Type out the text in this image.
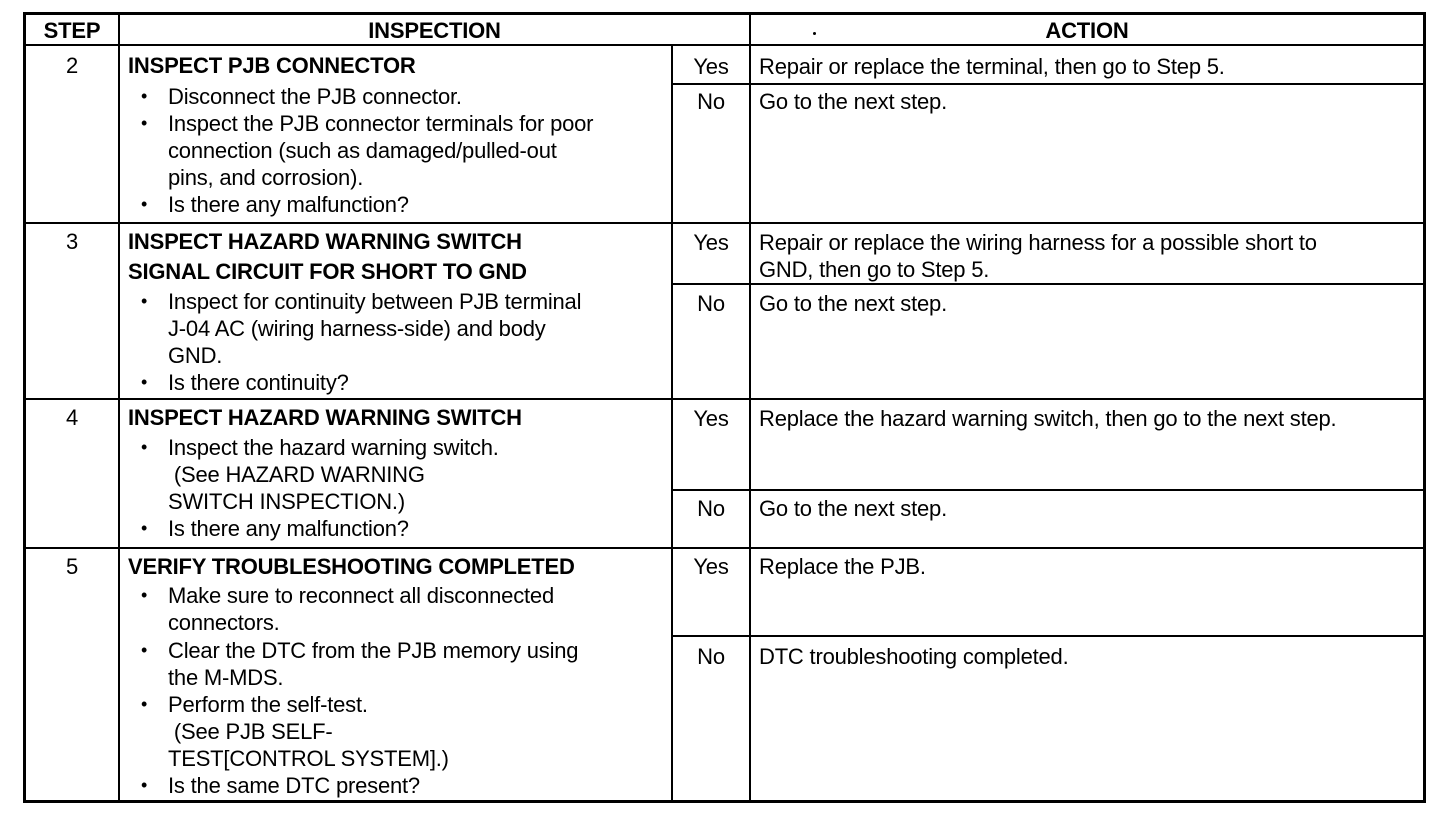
STEP	INSPECTION	ACTION
2	INSPECT PJB CONNECTOR
• Disconnect the PJB connector.
• Inspect the PJB connector terminals for poor
connection (such as damaged/pulled-out
pins, and corrosion).
• Is there any malfunction?
Yes	Repair or replace the terminal, then go to Step 5.
No	Go to the next step.
3	INSPECT HAZARD WARNING SWITCH
SIGNAL CIRCUIT FOR SHORT TO GND
• Inspect for continuity between PJB terminal
J-04 AC (wiring harness-side) and body
GND.
• Is there continuity?
Yes	Repair or replace the wiring harness for a possible short to
GND, then go to Step 5.
No	Go to the next step.
4	INSPECT HAZARD WARNING SWITCH
• Inspect the hazard warning switch.
(See HAZARD WARNING
SWITCH INSPECTION.)
• Is there any malfunction?
Yes	Replace the hazard warning switch, then go to the next step.
No	Go to the next step.
5	VERIFY TROUBLESHOOTING COMPLETED
• Make sure to reconnect all disconnected
connectors.
• Clear the DTC from the PJB memory using
the M-MDS.
• Perform the self-test.
(See PJB SELF-
TEST[CONTROL SYSTEM].)
• Is the same DTC present?
Yes	Replace the PJB.
No	DTC troubleshooting completed.
